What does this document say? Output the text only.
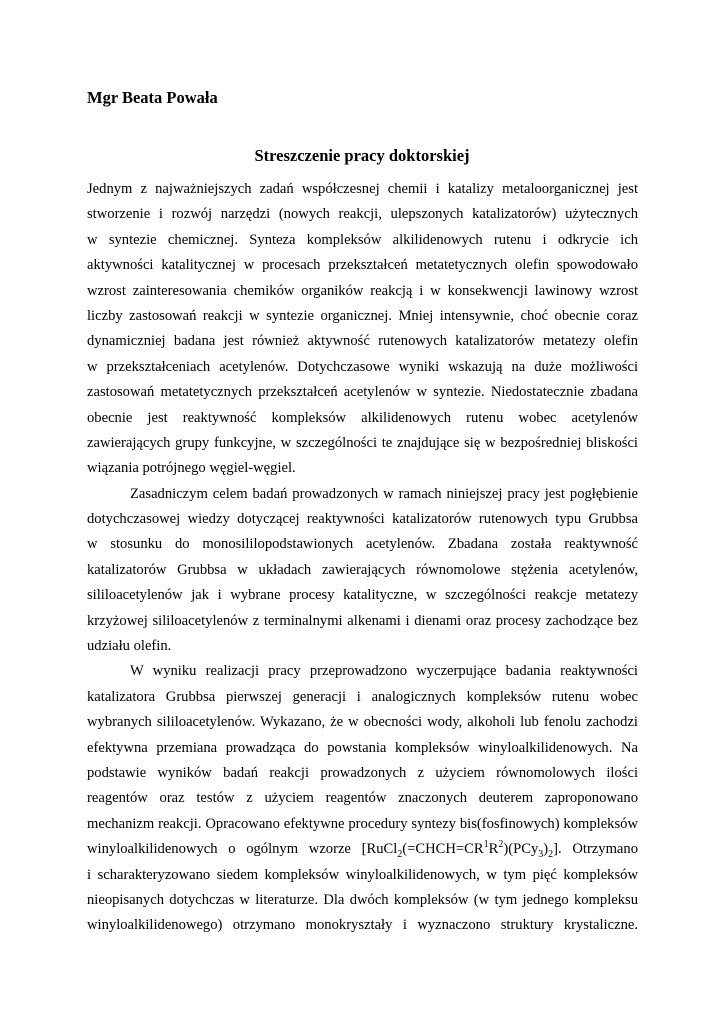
Mgr Beata Powała
Streszczenie pracy doktorskiej
Jednym z najważniejszych zadań współczesnej chemii i katalizy metaloorganicznej jest
stworzenie i rozwój narzędzi (nowych reakcji, ulepszonych katalizatorów) użytecznych
w syntezie chemicznej. Synteza kompleksów alkilidenowych rutenu i odkrycie ich
aktywności katalitycznej w procesach przekształceń metatetycznych olefin spowodowało
wzrost zainteresowania chemików organików reakcją i w konsekwencji lawinowy wzrost
liczby zastosowań reakcji w syntezie organicznej. Mniej intensywnie, choć obecnie coraz
dynamiczniej badana jest również aktywność rutenowych katalizatorów metatezy olefin
w przekształceniach acetylenów. Dotychczasowe wyniki wskazują na duże możliwości
zastosowań metatetycznych przekształceń acetylenów w syntezie. Niedostatecznie zbadana
obecnie jest reaktywność kompleksów alkilidenowych rutenu wobec acetylenów
zawierających grupy funkcyjne, w szczególności te znajdujące się w bezpośredniej bliskości
wiązania potrójnego węgiel-węgiel.
Zasadniczym celem badań prowadzonych w ramach niniejszej pracy jest pogłębienie
dotychczasowej wiedzy dotyczącej reaktywności katalizatorów rutenowych typu Grubbsa
w stosunku do monosililopodstawionych acetylenów. Zbadana została reaktywność
katalizatorów Grubbsa w układach zawierających równomolowe stężenia acetylenów,
sililoacetylenów jak i wybrane procesy katalityczne, w szczególności reakcje metatezy
krzyżowej sililoacetylenów z terminalnymi alkenami i dienami oraz procesy zachodzące bez
udziału olefin.
W wyniku realizacji pracy przeprowadzono wyczerpujące badania reaktywności
katalizatora Grubbsa pierwszej generacji i analogicznych kompleksów rutenu wobec
wybranych sililoacetylenów. Wykazano, że w obecności wody, alkoholi lub fenolu zachodzi
efektywna przemiana prowadząca do powstania kompleksów winyloalkilidenowych. Na
podstawie wyników badań reakcji prowadzonych z użyciem równomolowych ilości
reagentów oraz testów z użyciem reagentów znaczonych deuterem zaproponowano
mechanizm reakcji. Opracowano efektywne procedury syntezy bis(fosfinowych) kompleksów
winyloalkilidenowych o ogólnym wzorze $[RuCl_2(=CHCH=CR^1R^2)(PCy_3)_2]$. Otrzymano
i scharakteryzowano siedem kompleksów winyloalkilidenowych, w tym pięć kompleksów
nieopisanych dotychczas w literaturze. Dla dwóch kompleksów (w tym jednego kompleksu
winyloalkilidenowego) otrzymano monokryształy i wyznaczono struktury krystaliczne.
